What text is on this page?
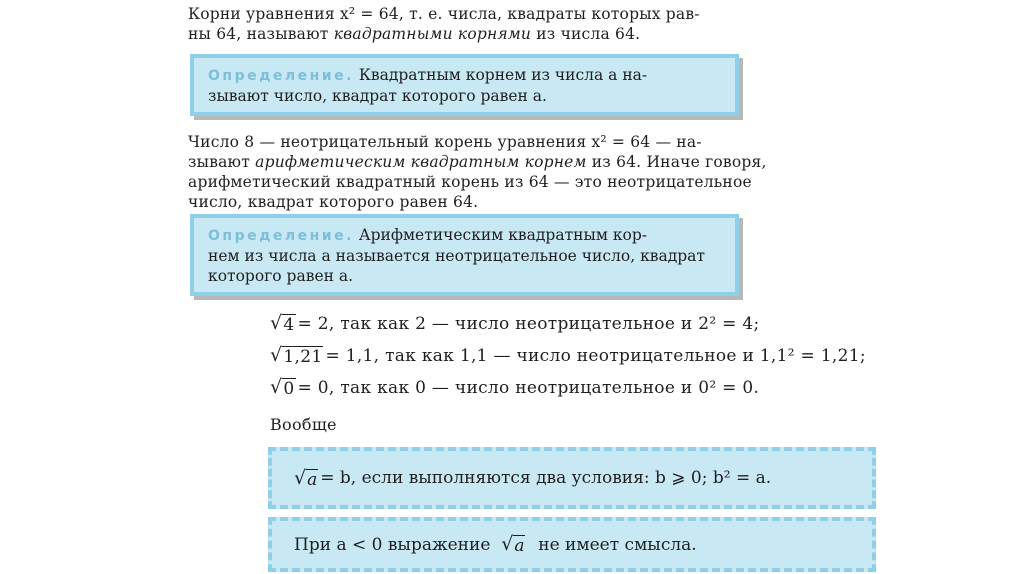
Корни уравнения x² = 64, т. е. числа, квадраты которых рав-
ны 64, называют квадратными корнями из числа 64.
Определение. Квадратным корнем из числа a на-
зывают число, квадрат которого равен a.
Число 8 — неотрицательный корень уравнения x² = 64 — на-
зывают арифметическим квадратным корнем из 64. Иначе говоря,
арифметический квадратный корень из 64 — это неотрицательное
число, квадрат которого равен 64.
Определение. Арифметическим квадратным кор-
нем из числа a называется неотрицательное число, квадрат
которого равен a.
√ 4 = 2, так как 2 — число неотрицательное и 2² = 4;
√ 1,21 = 1,1, так как 1,1 — число неотрицательное и 1,1² = 1,21;
√ 0 = 0, так как 0 — число неотрицательное и 0² = 0.
Вообще
√ a = b, если выполняются два условия: b ⩾ 0; b² = a.
При a < 0 выражение
√ a
не имеет смысла.
